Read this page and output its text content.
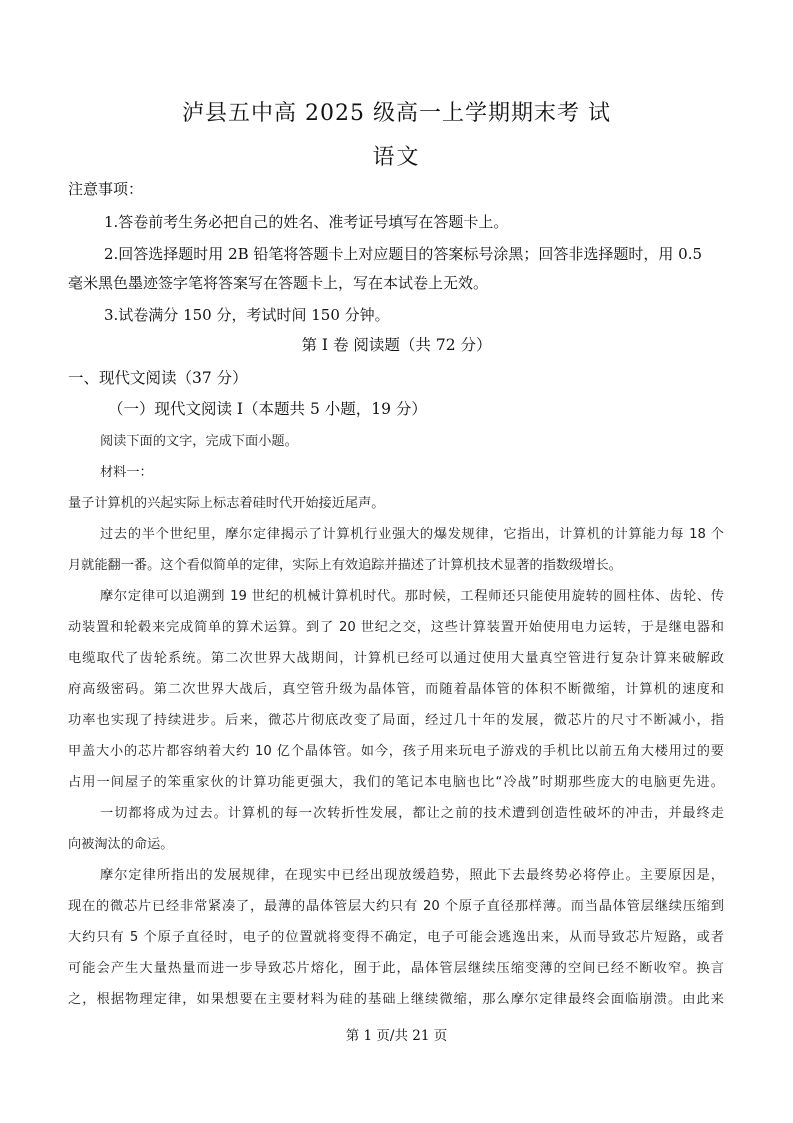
泸县五中高 2025 级高一上学期期末考 试
语文
注意事项：
1.答卷前考生务必把自己的姓名、准考证号填写在答题卡上。
2.回答选择题时用 2B 铅笔将答题卡上对应题目的答案标号涂黑；回答非选择题时，用 0.5
毫米黑色墨迹签字笔将答案写在答题卡上，写在本试卷上无效。
3.试卷满分 150 分，考试时间 150 分钟。
第 I 卷 阅读题（共 72 分）
一、现代文阅读（37 分）
（一）现代文阅读 I（本题共 5 小题，19 分）
阅读下面的文字，完成下面小题。
材料一：
量子计算机的兴起实际上标志着硅时代开始接近尾声。
过去的半个世纪里，摩尔定律揭示了计算机行业强大的爆发规律，它指出，计算机的计算能力每 18 个
月就能翻一番。这个看似简单的定律，实际上有效追踪并描述了计算机技术显著的指数级增长。
摩尔定律可以追溯到 19 世纪的机械计算机时代。那时候，工程师还只能使用旋转的圆柱体、齿轮、传
动装置和轮毂来完成简单的算术运算。到了 20 世纪之交，这些计算装置开始使用电力运转，于是继电器和
电缆取代了齿轮系统。第二次世界大战期间，计算机已经可以通过使用大量真空管进行复杂计算来破解政
府高级密码。第二次世界大战后，真空管升级为晶体管，而随着晶体管的体积不断微缩，计算机的速度和
功率也实现了持续进步。后来，微芯片彻底改变了局面，经过几十年的发展，微芯片的尺寸不断减小，指
甲盖大小的芯片都容纳着大约 10 亿个晶体管。如今，孩子用来玩电子游戏的手机比以前五角大楼用过的要
占用一间屋子的笨重家伙的计算功能更强大，我们的笔记本电脑也比“冷战”时期那些庞大的电脑更先进。
一切都将成为过去。计算机的每一次转折性发展，都让之前的技术遭到创造性破坏的冲击，并最终走
向被淘汰的命运。
摩尔定律所指出的发展规律，在现实中已经出现放缓趋势，照此下去最终势必将停止。主要原因是，
现在的微芯片已经非常紧凑了，最薄的晶体管层大约只有 20 个原子直径那样薄。而当晶体管层继续压缩到
大约只有 5 个原子直径时，电子的位置就将变得不确定，电子可能会逃逸出来，从而导致芯片短路，或者
可能会产生大量热量而进一步导致芯片熔化，囿于此，晶体管层继续压缩变薄的空间已经不断收窄。换言
之，根据物理定律，如果想要在主要材料为硅的基础上继续微缩，那么摩尔定律最终会面临崩溃。由此来
第 1 页/共 21 页
